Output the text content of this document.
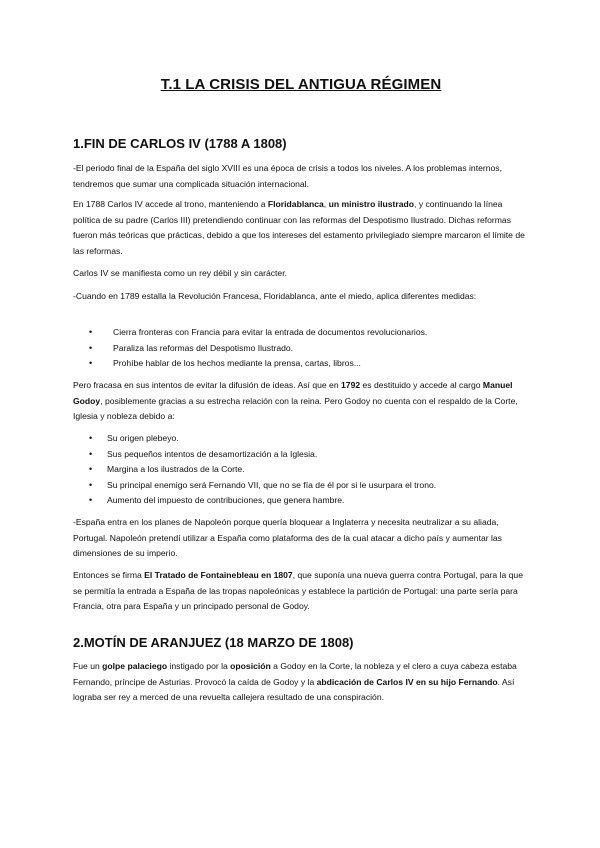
T.1 LA CRISIS DEL ANTIGUA RÉGIMEN
1.FIN DE CARLOS IV (1788 A 1808)

-El periodo final de la España del siglo XVIII es una época de crisis a todos los niveles. A los problemas internos, tendremos que sumar una complicada situación internacional.

En 1788 Carlos IV accede al trono, manteniendo a Floridablanca, un ministro ilustrado, y continuando la línea política de su padre (Carlos III) pretendiendo continuar con las reformas del Despotismo Ilustrado. Dichas reformas fueron más teóricas que prácticas, debido a que los intereses del estamento privilegiado siempre marcaron el límite de las reformas.

Carlos IV se manifiesta como un rey débil y sin carácter.

-Cuando en 1789 estalla la Revolución Francesa, Floridablanca, ante el miedo, aplica diferentes medidas:

• Cierra fronteras con Francia para evitar la entrada de documentos revolucionarios.
• Paraliza las reformas del Despotismo Ilustrado.
• Prohíbe hablar de los hechos mediante la prensa, cartas, libros...

Pero fracasa en sus intentos de evitar la difusión de ideas. Así que en 1792 es destituido y accede al cargo Manuel Godoy, posiblemente gracias a su estrecha relación con la reina. Pero Godoy no cuenta con el respaldo de la Corte, Iglesia y nobleza debido a:

• Su origen plebeyo.
• Sus pequeños intentos de desamortización a la Iglesia.
• Margina a los ilustrados de la Corte.
• Su principal enemigo será Fernando VII, que no se fía de él por si le usurpara el trono.
• Aumento del impuesto de contribuciones, que genera hambre.

-España entra en los planes de Napoleón porque quería bloquear a Inglaterra y necesita neutralizar a su aliada, Portugal. Napoleón pretendí utilizar a España como plataforma des de la cual atacar a dicho país y aumentar las dimensiones de su imperio.

Entonces se firma El Tratado de Fontainebleau en 1807, que suponía una nueva guerra contra Portugal, para la que se permitía la entrada a España de las tropas napoleónicas y establece la partición de Portugal: una parte sería para Francia, otra para España y un principado personal de Godoy.

2.MOTÍN DE ARANJUEZ (18 MARZO DE 1808)

Fue un golpe palaciego instigado por la oposición a Godoy en la Corte, la nobleza y el clero a cuya cabeza estaba Fernando, príncipe de Asturias. Provocó la caída de Godoy y la abdicación de Carlos IV en su hijo Fernando. Así lograba ser rey a merced de una revuelta callejera resultado de una conspiración.
